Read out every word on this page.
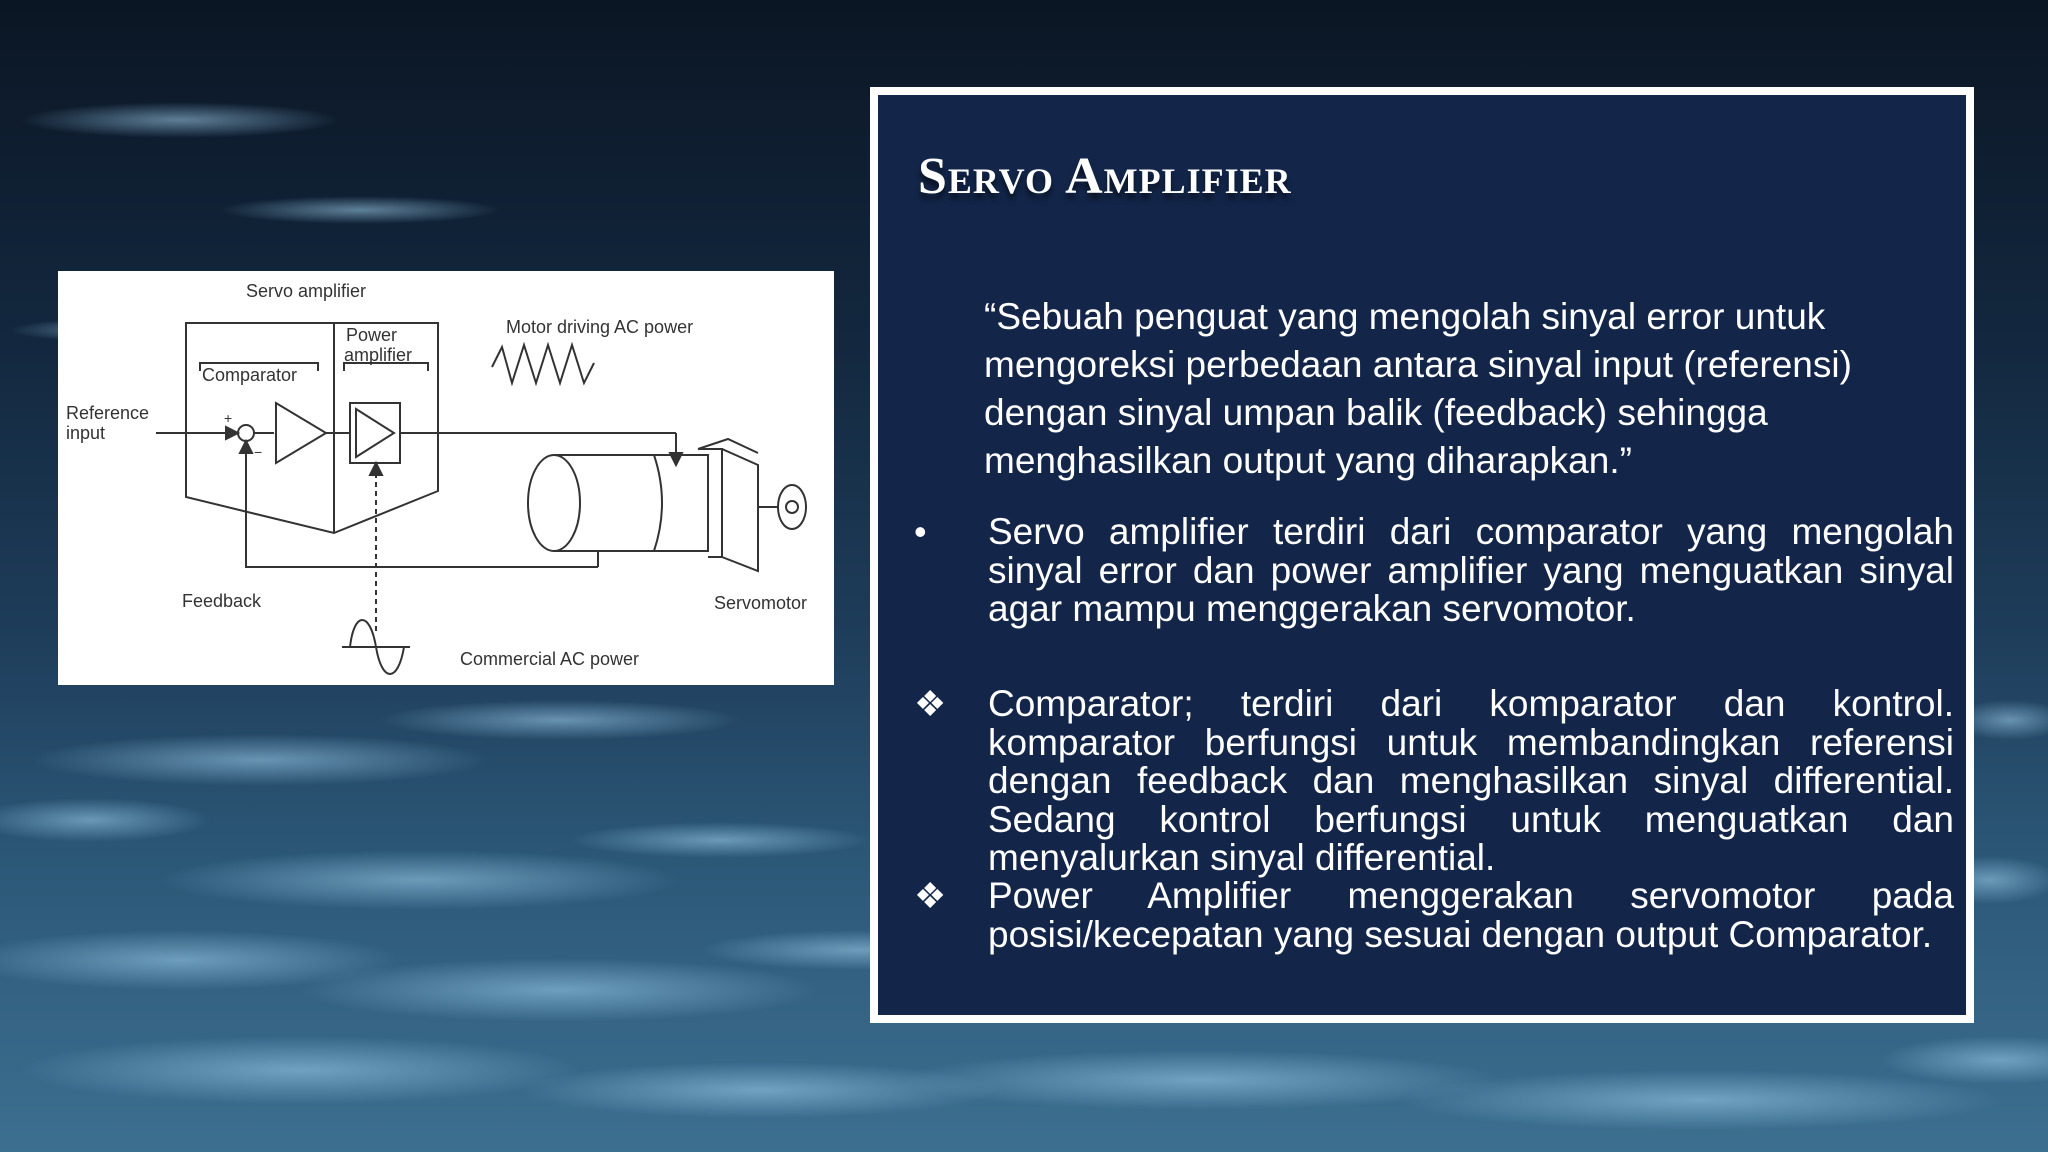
Servo amplifier
Power
amplifier
Comparator
Motor driving AC power
Reference
input
+
−
Feedback	Servomotor
Commercial AC power
Servo Amplifier

“Sebuah penguat yang mengolah sinyal error untuk mengoreksi perbedaan antara sinyal input (referensi) dengan sinyal umpan balik (feedback) sehingga menghasilkan output yang diharapkan.”

•	Servo amplifier terdiri dari comparator yang mengolah sinyal error dan power amplifier yang menguatkan sinyal agar mampu menggerakan servomotor.

❖	Comparator; terdiri dari komparator dan kontrol. komparator berfungsi untuk membandingkan referensi dengan feedback dan menghasilkan sinyal differential. Sedang kontrol berfungsi untuk menguatkan dan menyalurkan sinyal differential.

❖	Power Amplifier menggerakan servomotor pada posisi/kecepatan yang sesuai dengan output Comparator.
